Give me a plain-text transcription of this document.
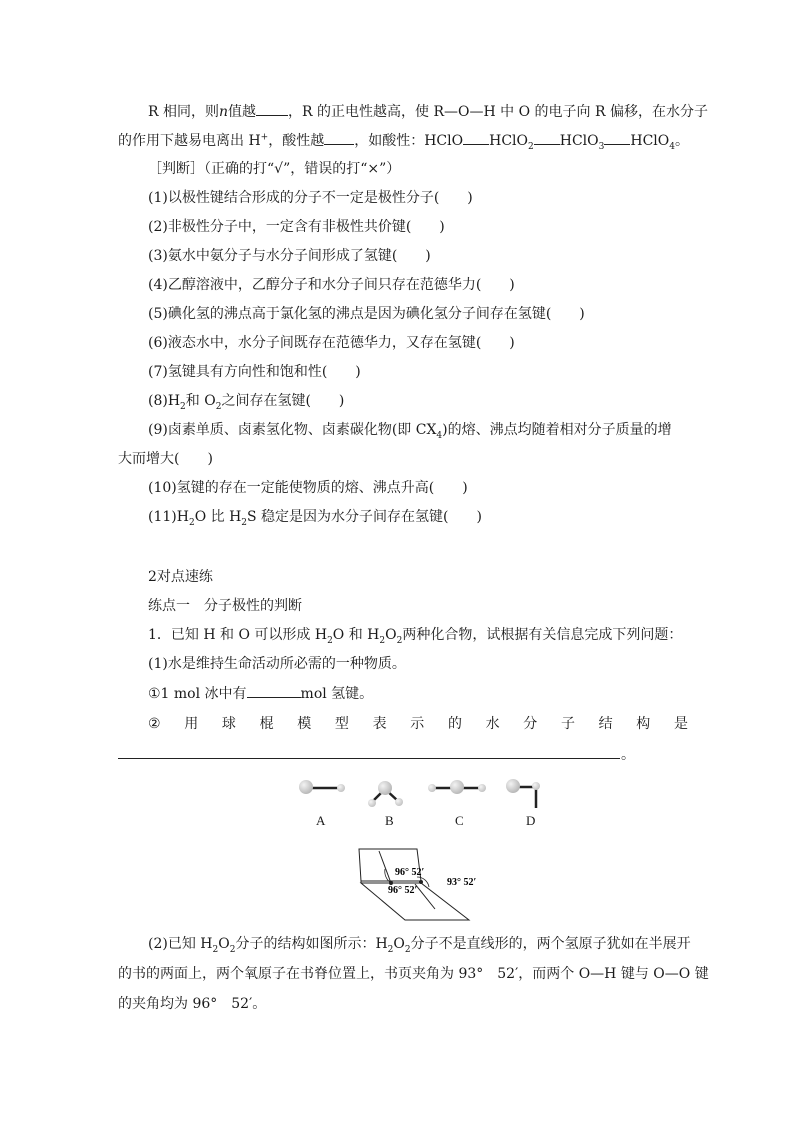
R 相同，则n值越 ，R 的正电性越高，使 R—O—H 中 O 的电子向 R 偏移，在水分子
的作用下越易电离出 H+，酸性越 ，如酸性：HClO HClO$_2$ HClO$_3$ HClO$_4$。
［判断］（正确的打“√”，错误的打“×”）
(1)以极性键结合形成的分子不一定是极性分子(　　)
(2)非极性分子中，一定含有非极性共价键(　　)
(3)氨水中氨分子与水分子间形成了氢键(　　)
(4)乙醇溶液中，乙醇分子和水分子间只存在范德华力(　　)
(5)碘化氢的沸点高于氯化氢的沸点是因为碘化氢分子间存在氢键(　　)
(6)液态水中，水分子间既存在范德华力，又存在氢键(　　)
(7)氢键具有方向性和饱和性(　　)
$(8)H_2$和 $O_2$之间存在氢键(　　)
(9)卤素单质、卤素氢化物、卤素碳化物(即 $CX_4$)的熔、沸点均随着相对分子质量的增
大而增大(　　)
(10)氢键的存在一定能使物质的熔、沸点升高(　　)
$(11)H_2O$ 比 $H_2S$ 稳定是因为水分子间存在氢键(　　)
2对点速练
练点一　分子极性的判断
1．已知 H 和 O 可以形成 $H_2O$ 和 $H_2O_2$两种化合物，试根据有关信息完成下列问题：
(1)水是维持生命活动所必需的一种物质。
①1 mol 冰中有	mol 氢键。
② 用 球 棍 模 型 表 示 的 水 分 子 结 构 是
。
A	B	C	D
96° 52′
96° 52′
93° 52′
(2)已知 $H_2O_2$分子的结构如图所示：$H_2O_2$分子不是直线形的，两个氢原子犹如在半展开
的书的两面上，两个氧原子在书脊位置上，书页夹角为 93°　52′，而两个 O—H 键与 O—O 键
的夹角均为 96°　52′。
